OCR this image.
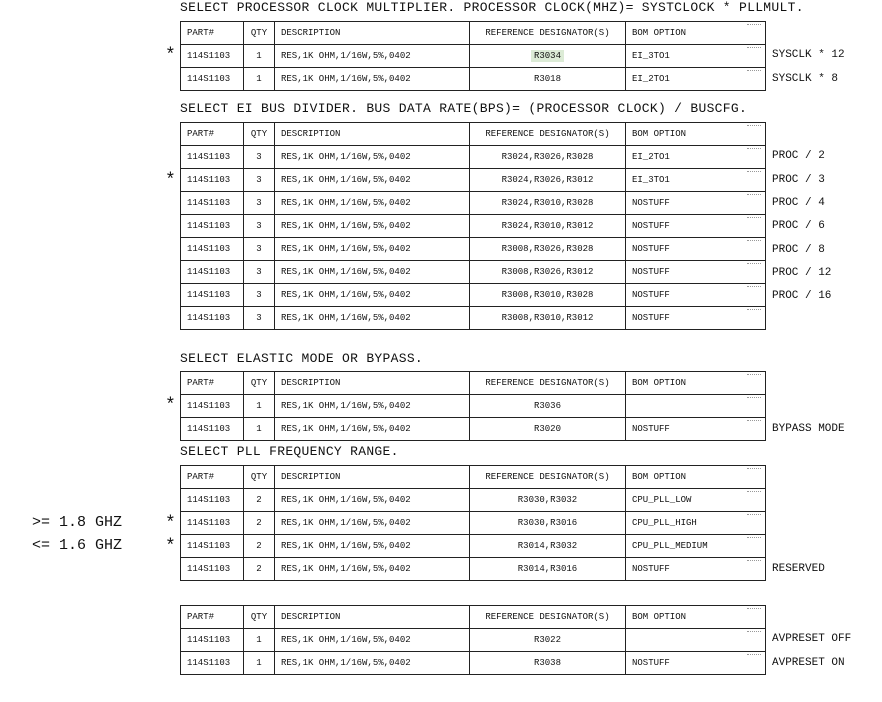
SELECT PROCESSOR CLOCK MULTIPLIER. PROCESSOR CLOCK(MHZ)= SYSTCLOCK * PLLMULT.
*	SYSCLK * 12
SYSCLK * 8
PART#	QTY	DESCRIPTION	REFERENCE DESIGNATOR(S)	BOM OPTION

114S1103	1	RES,1K OHM,1/16W,5%,0402	R3034	EI_3TO1

114S1103	1	RES,1K OHM,1/16W,5%,0402	R3018	EI_2TO1
SELECT EI BUS DIVIDER. BUS DATA RATE(BPS)= (PROCESSOR CLOCK) / BUSCFG.
PROC / 2
*	PROC / 3
PROC / 4
PROC / 6
PROC / 8
PROC / 12
PROC / 16
PART#	QTY	DESCRIPTION	REFERENCE DESIGNATOR(S)	BOM OPTION

114S1103	3	RES,1K OHM,1/16W,5%,0402	R3024,R3026,R3028	EI_2TO1

114S1103	3	RES,1K OHM,1/16W,5%,0402	R3024,R3026,R3012	EI_3TO1

114S1103	3	RES,1K OHM,1/16W,5%,0402	R3024,R3010,R3028	NOSTUFF

114S1103	3	RES,1K OHM,1/16W,5%,0402	R3024,R3010,R3012	NOSTUFF

114S1103	3	RES,1K OHM,1/16W,5%,0402	R3008,R3026,R3028	NOSTUFF

114S1103	3	RES,1K OHM,1/16W,5%,0402	R3008,R3026,R3012	NOSTUFF

114S1103	3	RES,1K OHM,1/16W,5%,0402	R3008,R3010,R3028	NOSTUFF

114S1103	3	RES,1K OHM,1/16W,5%,0402	R3008,R3010,R3012	NOSTUFF
SELECT ELASTIC MODE OR BYPASS.
*
BYPASS MODE
PART#	QTY	DESCRIPTION	REFERENCE DESIGNATOR(S)	BOM OPTION

114S1103	1	RES,1K OHM,1/16W,5%,0402	R3036	

114S1103	1	RES,1K OHM,1/16W,5%,0402	R3020	NOSTUFF
SELECT PLL FREQUENCY RANGE.
*
>= 1.8 GHZ
*
<= 1.6 GHZ
RESERVED
PART#	QTY	DESCRIPTION	REFERENCE DESIGNATOR(S)	BOM OPTION

114S1103	2	RES,1K OHM,1/16W,5%,0402	R3030,R3032	CPU_PLL_LOW

114S1103	2	RES,1K OHM,1/16W,5%,0402	R3030,R3016	CPU_PLL_HIGH

114S1103	2	RES,1K OHM,1/16W,5%,0402	R3014,R3032	CPU_PLL_MEDIUM

114S1103	2	RES,1K OHM,1/16W,5%,0402	R3014,R3016	NOSTUFF
AVPRESET OFF
AVPRESET ON
PART#	QTY	DESCRIPTION	REFERENCE DESIGNATOR(S)	BOM OPTION

114S1103	1	RES,1K OHM,1/16W,5%,0402	R3022	

114S1103	1	RES,1K OHM,1/16W,5%,0402	R3038	NOSTUFF
